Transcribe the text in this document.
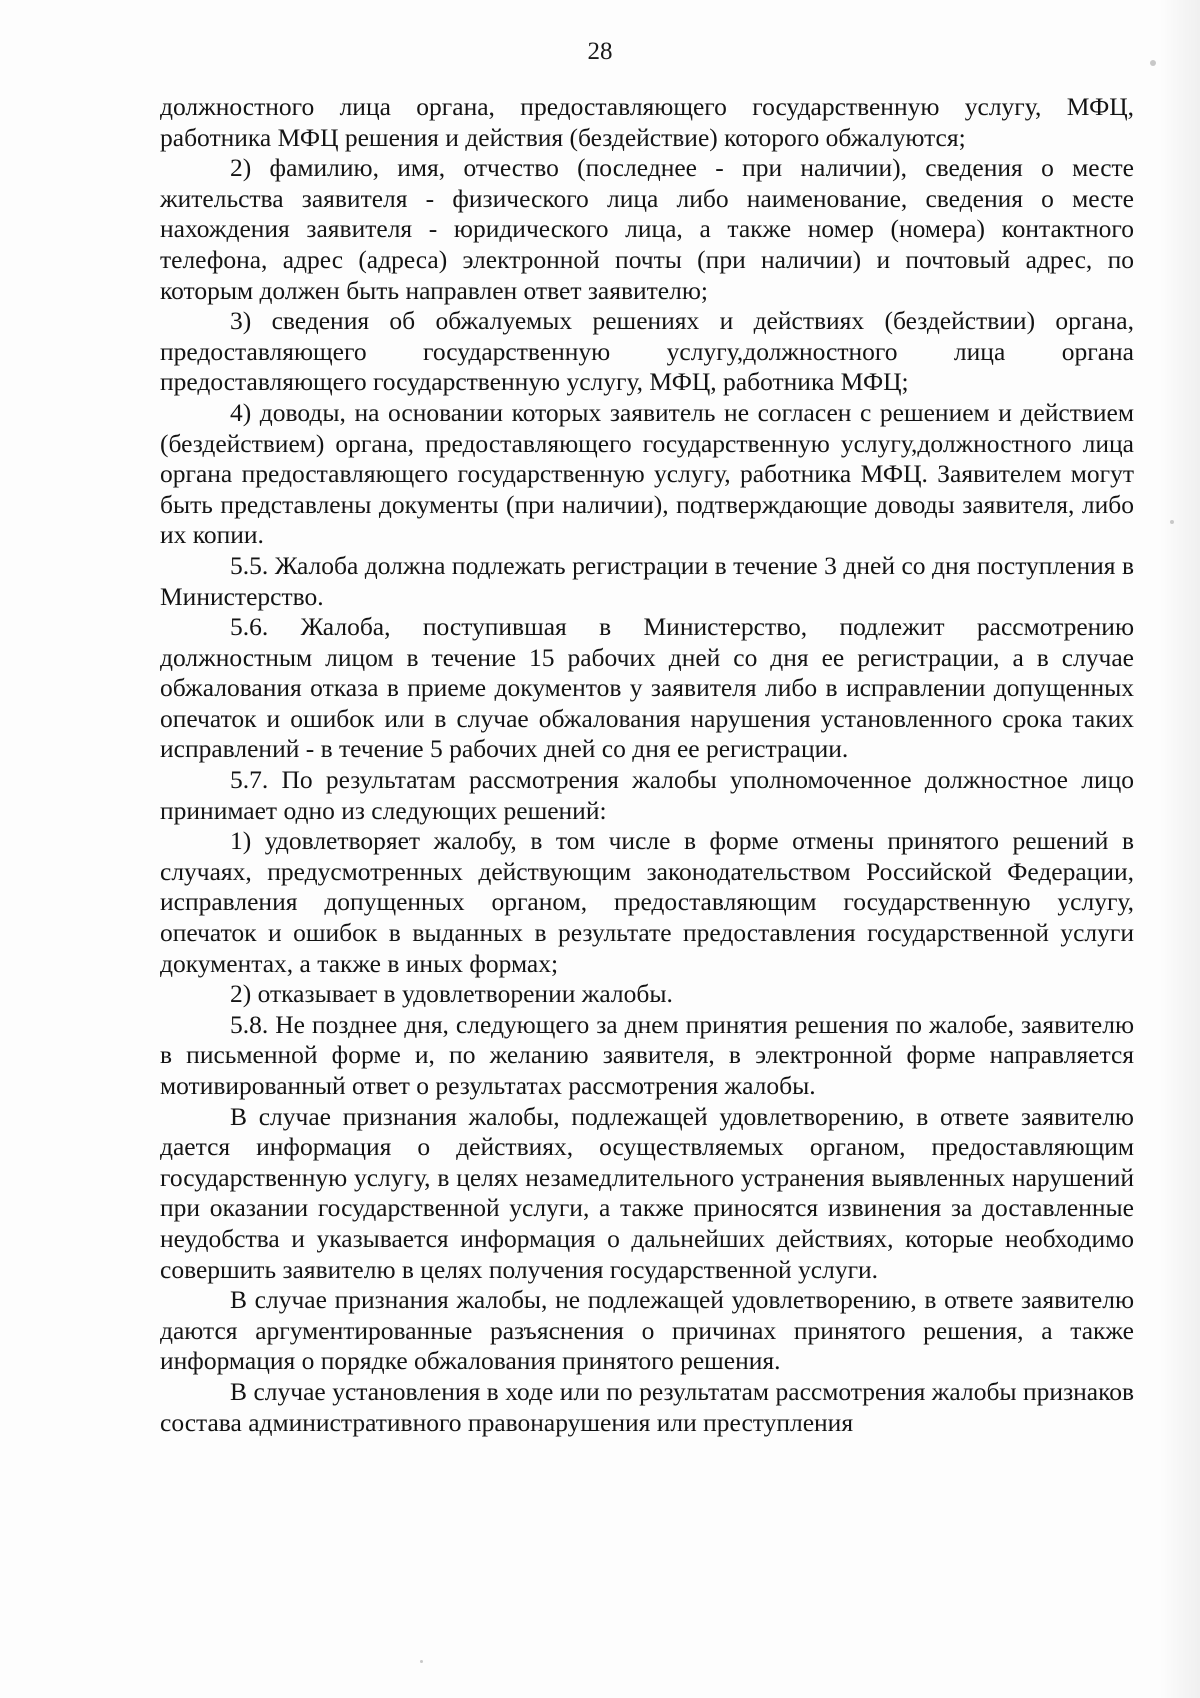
28

должностного лица органа, предоставляющего государственную услугу, МФЦ, работника МФЦ решения и действия (бездействие) которого обжалуются;

2) фамилию, имя, отчество (последнее - при наличии), сведения о месте жительства заявителя - физического лица либо наименование, сведения о месте нахождения заявителя - юридического лица, а также номер (номера) контактного телефона, адрес (адреса) электронной почты (при наличии) и почтовый адрес, по которым должен быть направлен ответ заявителю;

3) сведения об обжалуемых решениях и действиях (бездействии) органа, предоставляющего государственную услугу,должностного лица органа предоставляющего государственную услугу, МФЦ, работника МФЦ;

4) доводы, на основании которых заявитель не согласен с решением и действием (бездействием) органа, предоставляющего государственную услугу,должностного лица органа предоставляющего государственную услугу, работника МФЦ. Заявителем могут быть представлены документы (при наличии), подтверждающие доводы заявителя, либо их копии.

5.5. Жалоба должна подлежать регистрации в течение 3 дней со дня поступления в Министерство.

5.6. Жалоба, поступившая в Министерство, подлежит рассмотрению должностным лицом в течение 15 рабочих дней со дня ее регистрации, а в случае обжалования отказа в приеме документов у заявителя либо в исправлении допущенных опечаток и ошибок или в случае обжалования нарушения установленного срока таких исправлений - в течение 5 рабочих дней со дня ее регистрации.

5.7. По результатам рассмотрения жалобы уполномоченное должностное лицо принимает одно из следующих решений:

1) удовлетворяет жалобу, в том числе в форме отмены принятого решений в случаях, предусмотренных действующим законодательством Российской Федерации, исправления допущенных органом, предоставляющим государственную услугу, опечаток и ошибок в выданных в результате предоставления государственной услуги документах, а также в иных формах;

2) отказывает в удовлетворении жалобы.

5.8. Не позднее дня, следующего за днем принятия решения по жалобе, заявителю в письменной форме и, по желанию заявителя, в электронной форме направляется мотивированный ответ о результатах рассмотрения жалобы.

В случае признания жалобы, подлежащей удовлетворению, в ответе заявителю дается информация о действиях, осуществляемых органом, предоставляющим государственную услугу, в целях незамедлительного устранения выявленных нарушений при оказании государственной услуги, а также приносятся извинения за доставленные неудобства и указывается информация о дальнейших действиях, которые необходимо совершить заявителю в целях получения государственной услуги.

В случае признания жалобы, не подлежащей удовлетворению, в ответе заявителю даются аргументированные разъяснения о причинах принятого решения, а также информация о порядке обжалования принятого решения.

В случае установления в ходе или по результатам рассмотрения жалобы признаков состава административного правонарушения или преступления
